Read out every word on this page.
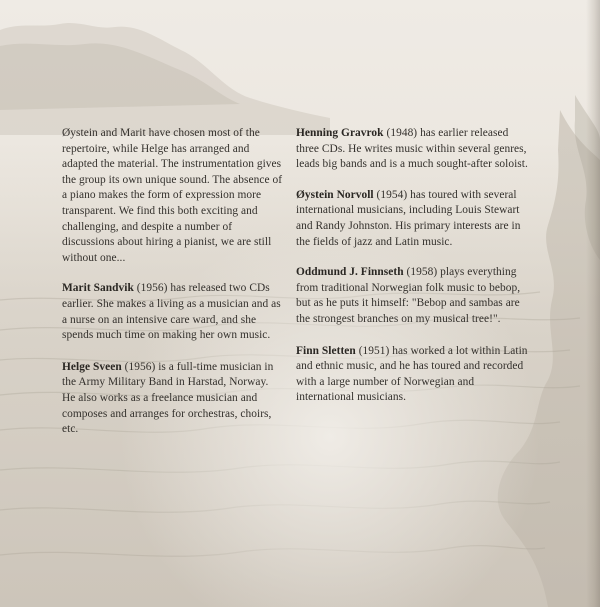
Øystein and Marit have chosen most of the repertoire, while Helge has arranged and adapted the material. The instrumentation gives the group its own unique sound. The absence of a piano makes the form of expression more transparent. We find this both exciting and challenging, and despite a number of discussions about hiring a pianist, we are still without one...

Marit Sandvik (1956) has released two CDs earlier. She makes a living as a musician and as a nurse on an intensive care ward, and she spends much time on making her own music.

Helge Sveen (1956) is a full-time musician in the Army Military Band in Harstad, Norway. He also works as a freelance musician and composes and arranges for orchestras, choirs, etc.

Henning Gravrok (1948) has earlier released three CDs. He writes music within several genres, leads big bands and is a much sought-after soloist.

Øystein Norvoll (1954) has toured with several international musicians, including Louis Stewart and Randy Johnston. His primary interests are in the fields of jazz and Latin music.

Oddmund J. Finnseth (1958) plays everything from traditional Norwegian folk music to bebop, but as he puts it himself: "Bebop and sambas are the strongest branches on my musical tree!".

Finn Sletten (1951) has worked a lot within Latin and ethnic music, and he has toured and recorded with a large number of Norwegian and international musicians.
